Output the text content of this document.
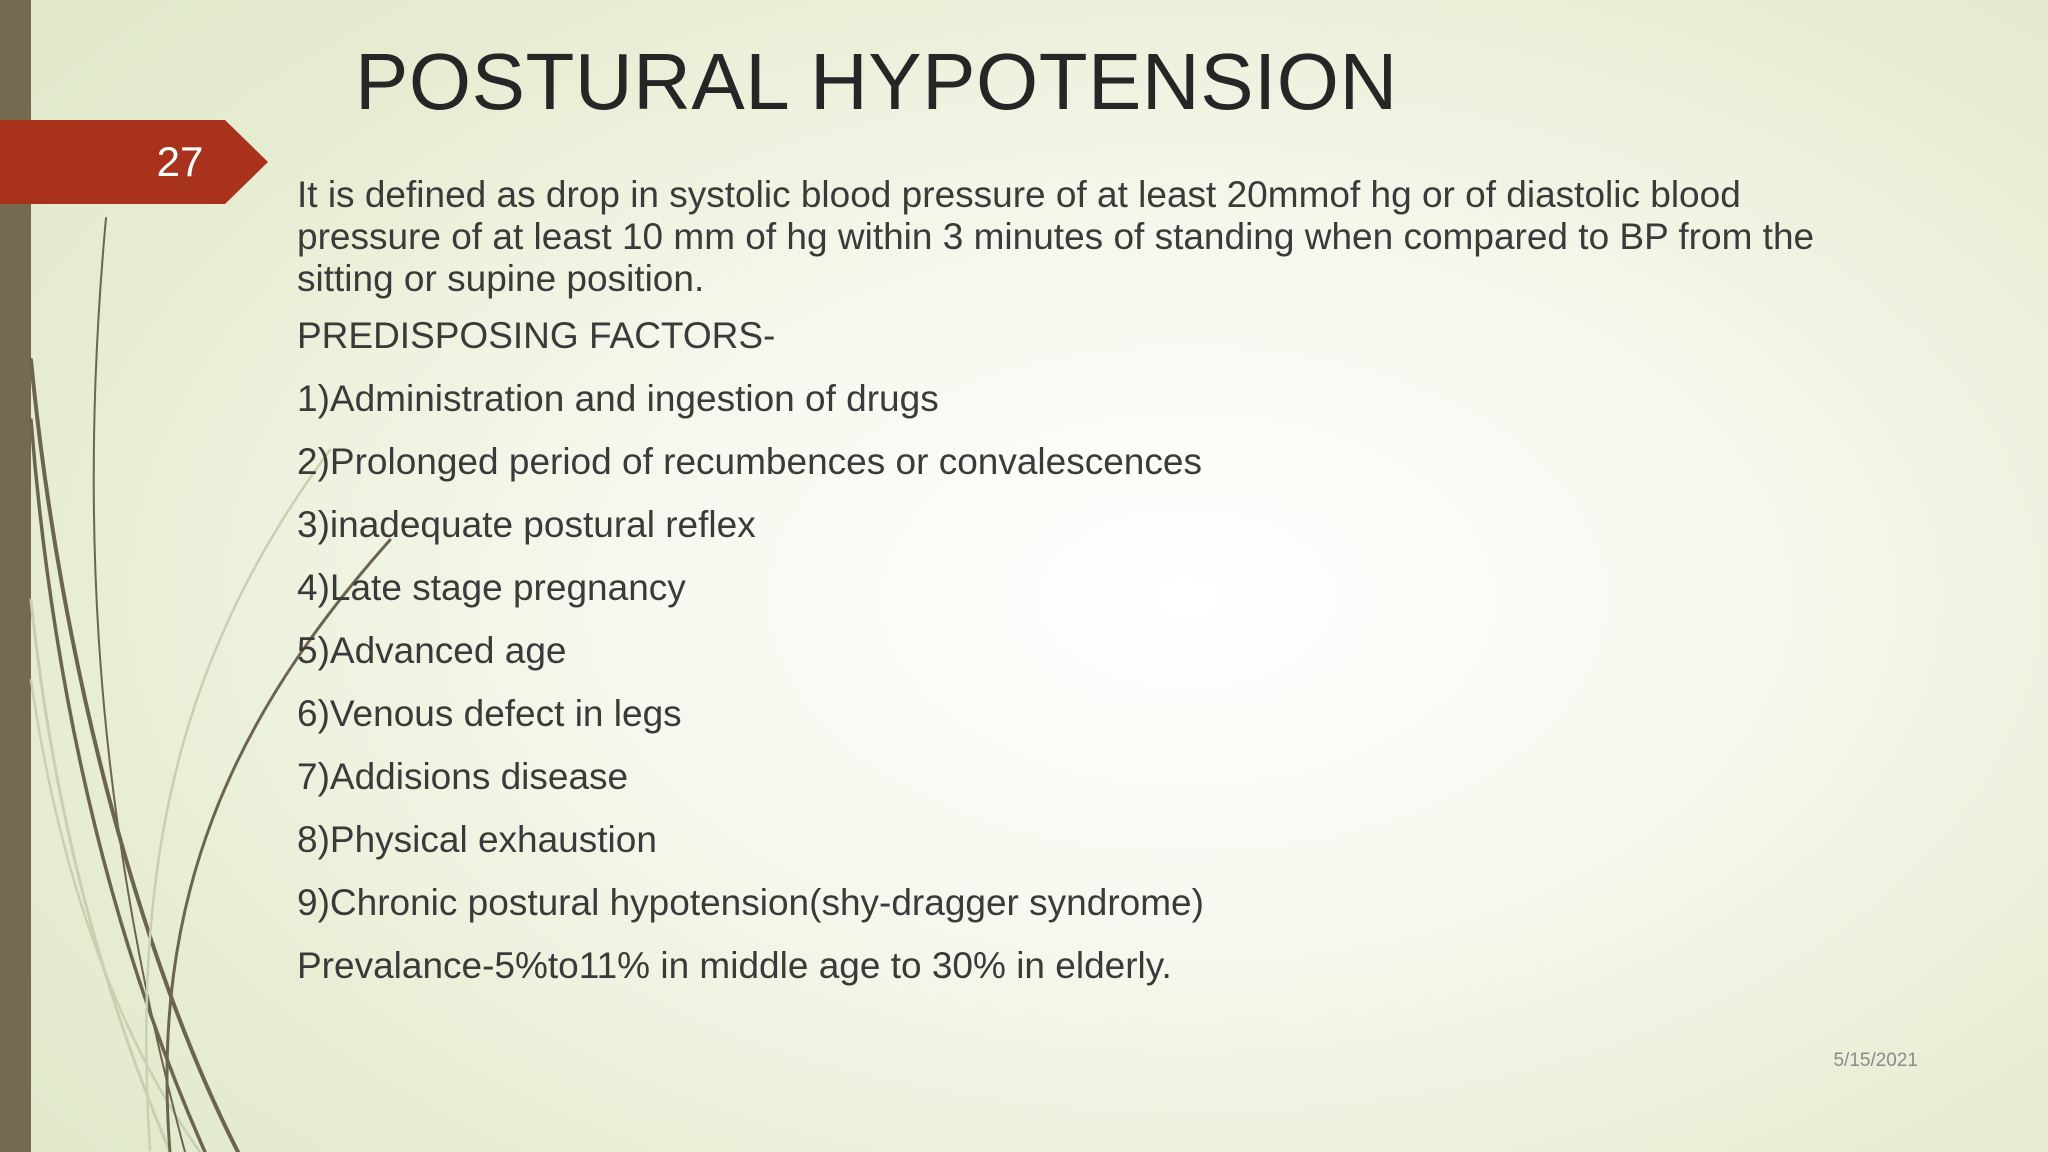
27
POSTURAL HYPOTENSION

It is defined as drop in systolic blood pressure of at least 20mmof hg or of diastolic blood pressure of at least 10 mm of hg within 3 minutes of standing when compared to BP from the sitting or supine position.

PREDISPOSING FACTORS-

1)Administration and ingestion of drugs

2)Prolonged period of recumbences or convalescences

3)inadequate postural reflex

4)Late stage pregnancy

5)Advanced age

6)Venous defect in legs

7)Addisions disease

8)Physical exhaustion

9)Chronic postural hypotension(shy-dragger syndrome)

Prevalance-5%to11% in middle age to 30% in elderly.

5/15/2021
